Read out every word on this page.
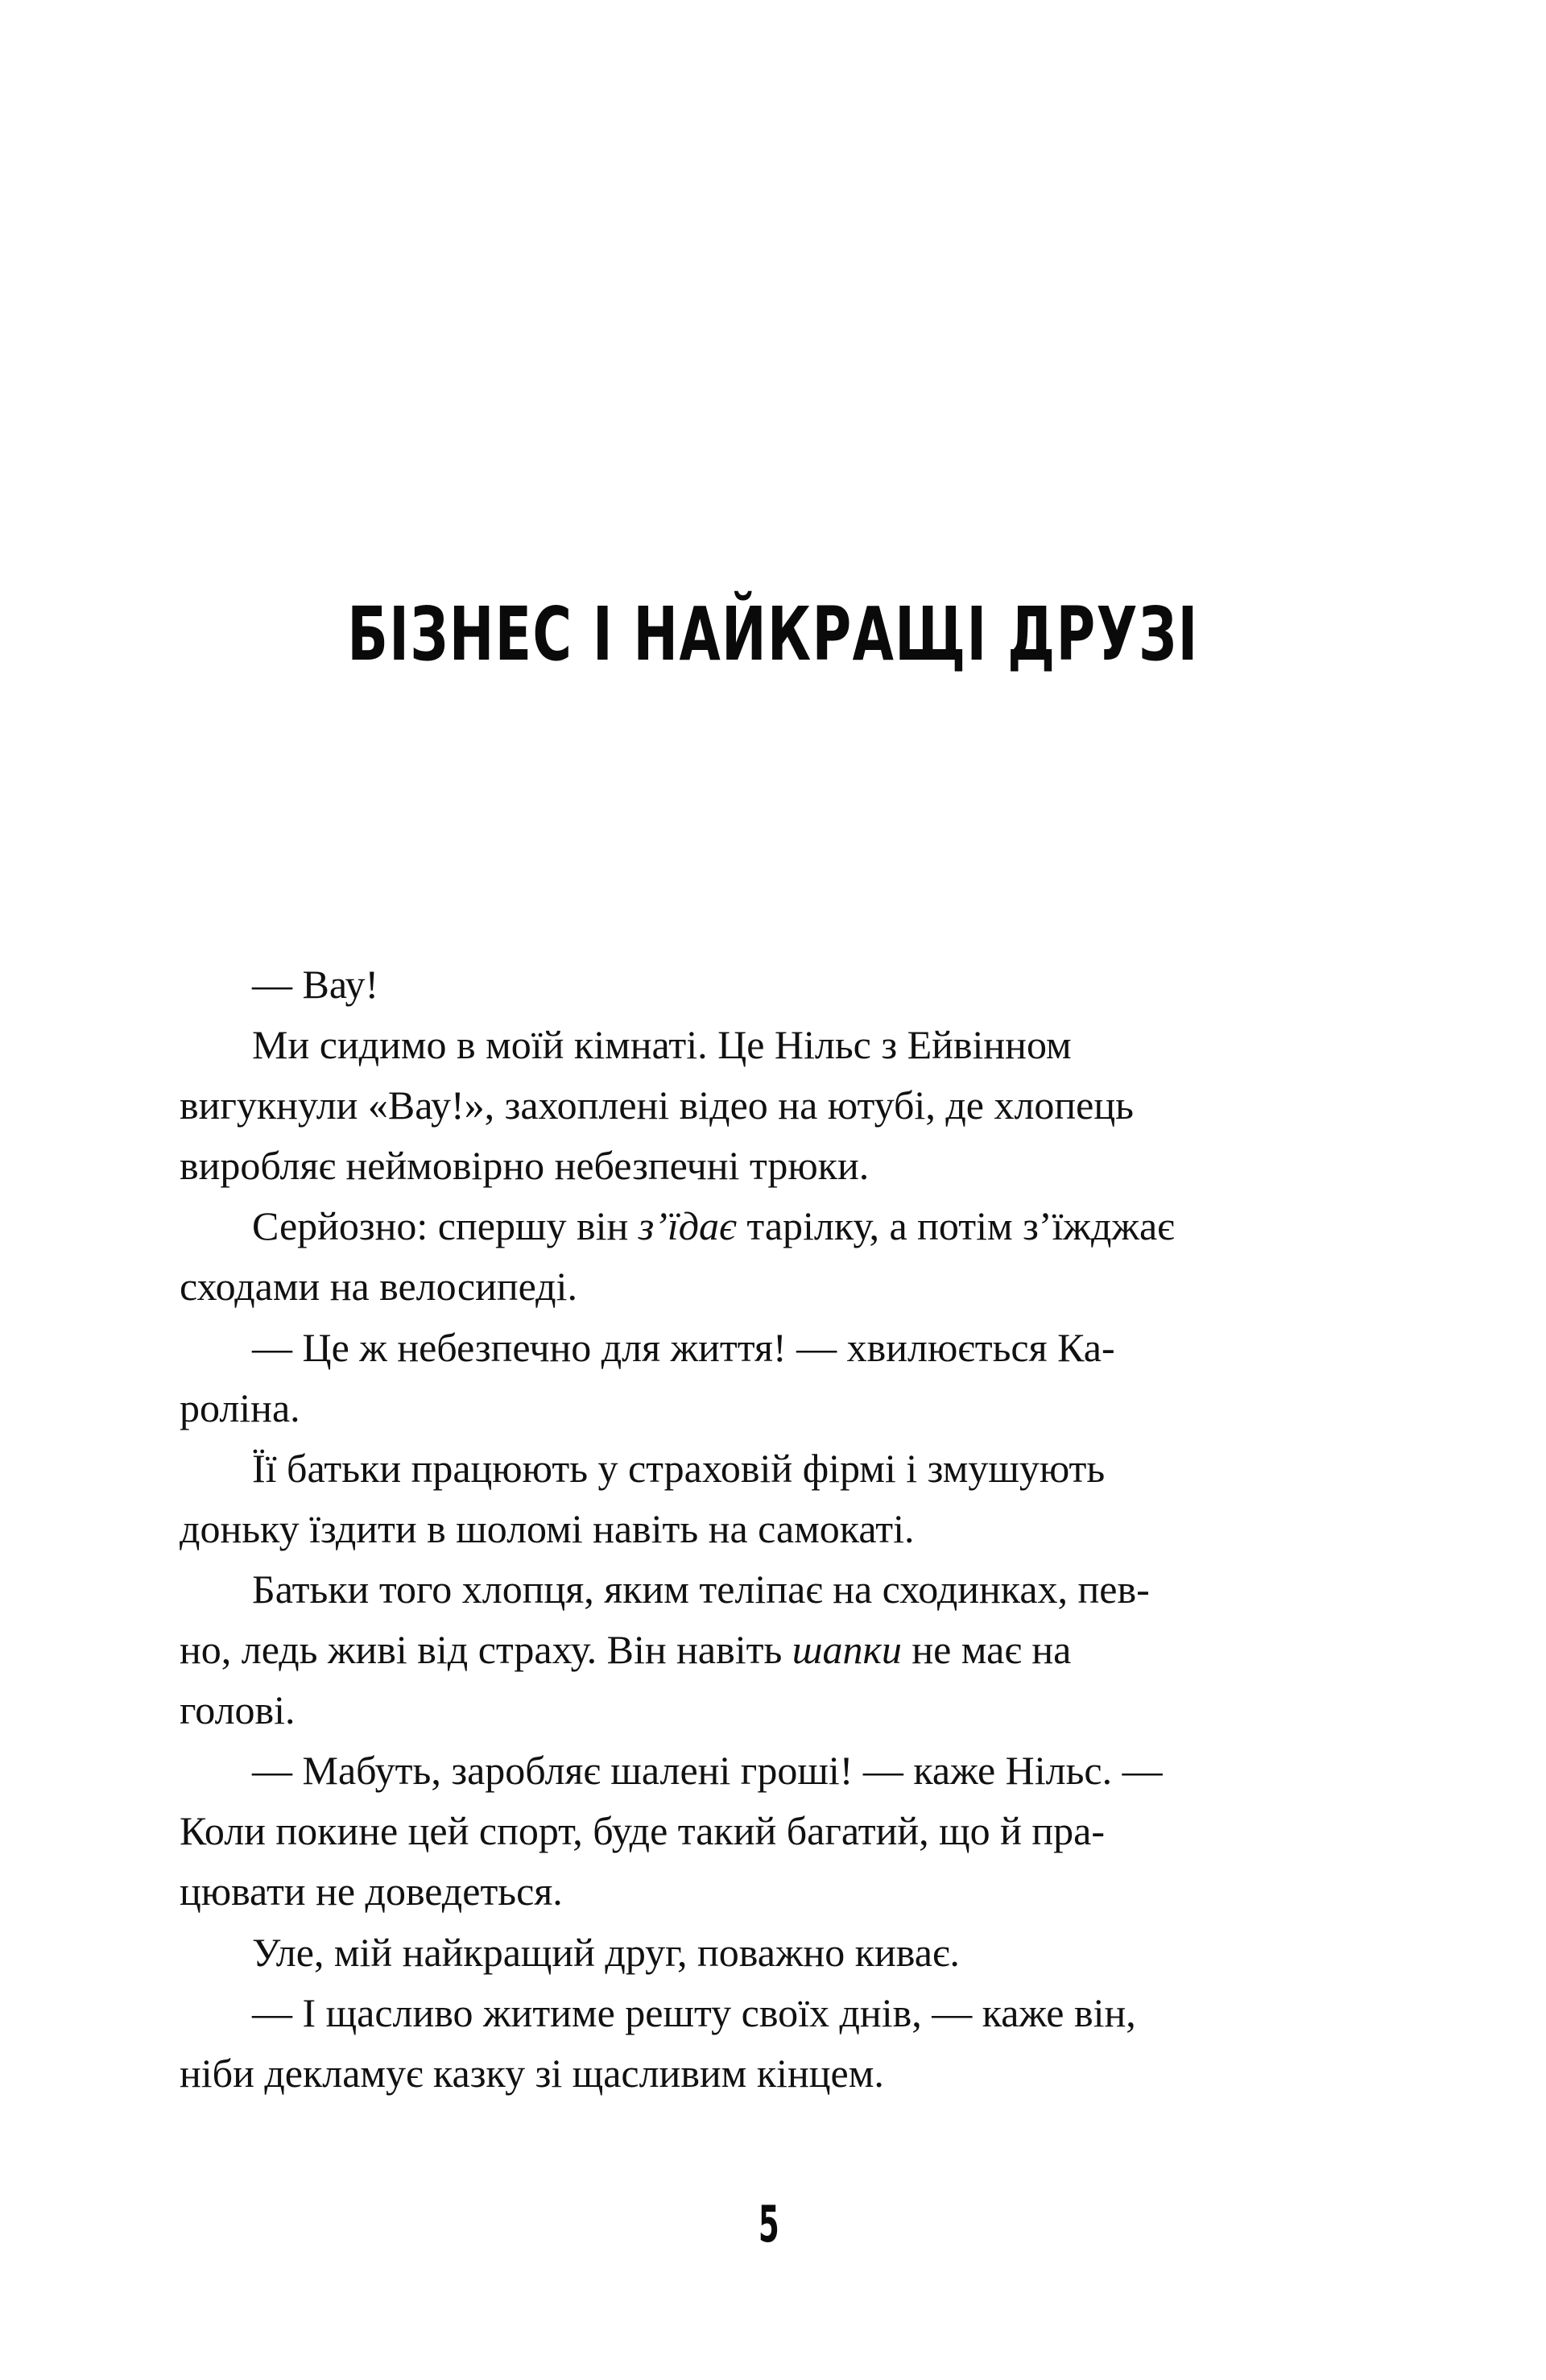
БІЗНЕС І НАЙКРАЩІ ДРУЗІ
— Вау!
Ми сидимо в моїй кімнаті. Це Нільс з Ейвінном
вигукнули «Вау!», захоплені відео на ютубі, де хлопець
виробляє неймовірно небезпечні трюки.
Серйозно: спершу він з’їдає тарілку, а потім з’їжджає
сходами на велосипеді.
— Це ж небезпечно для життя! — хвилюється Ка-
роліна.
Її батьки працюють у страховій фірмі і змушують
доньку їздити в шоломі навіть на самокаті.
Батьки того хлопця, яким теліпає на сходинках, пев-
но, ледь живі від страху. Він навіть шапки не має на
голові.
— Мабуть, заробляє шалені гроші! — каже Нільс. —
Коли покине цей спорт, буде такий багатий, що й пра-
цювати не доведеться.
Уле, мій найкращий друг, поважно киває.
— І щасливо житиме решту своїх днів, — каже він,
ніби декламує казку зі щасливим кінцем.
5
